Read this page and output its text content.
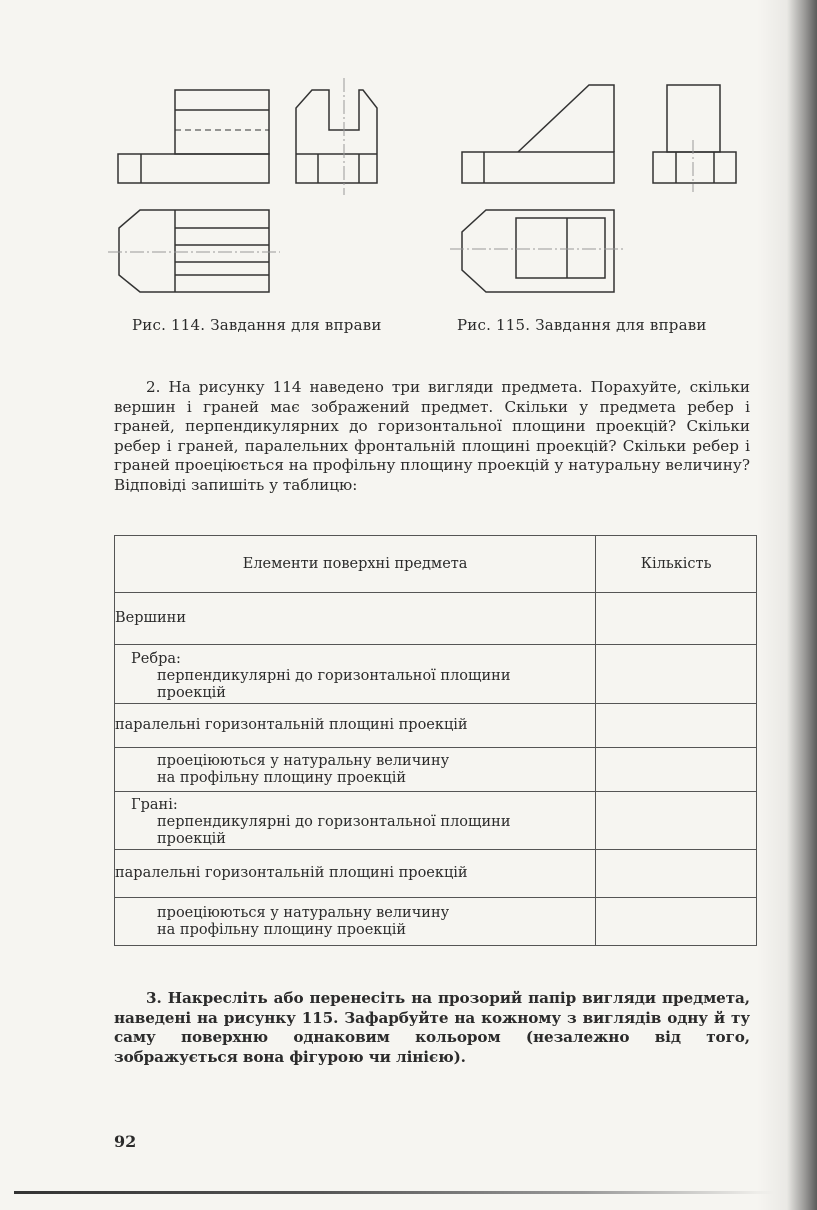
Рис. 114. Завдання для вправи	Рис. 115. Завдання для вправи
2. На рисунку 114 наведено три вигляди предмета. Порахуйте, скільки вершин і граней має зображений предмет. Скільки у предмета ребер і граней, перпендикулярних до горизонтальної площини проекцій? Скільки ребер і граней, паралельних фронтальній площині проекцій? Скільки ребер і граней проеціюється на профільну площину проекцій у натуральну величину? Відповіді запишіть у таблицю:
Елементи поверхні предмета	Кількість
Вершини	

Ребра:
перпендикулярні до горизонтальної площини проекцій	

паралельні горизонтальній площині проекцій	

проеціюються у натуральну величину
на профільну площину проекцій	

Грані:
перпендикулярні до горизонтальної площини проекцій	

паралельні горизонтальній площині проекцій	

проеціюються у натуральну величину
на профільну площину проекцій	

3. Накресліть або перенесіть на прозорий папір вигляди предмета, наведені на рисунку 115. Зафарбуйте на кожному з виглядів одну й ту саму поверхню однаковим кольором (незалежно від того, зображується вона фігурою чи лінією).
92
